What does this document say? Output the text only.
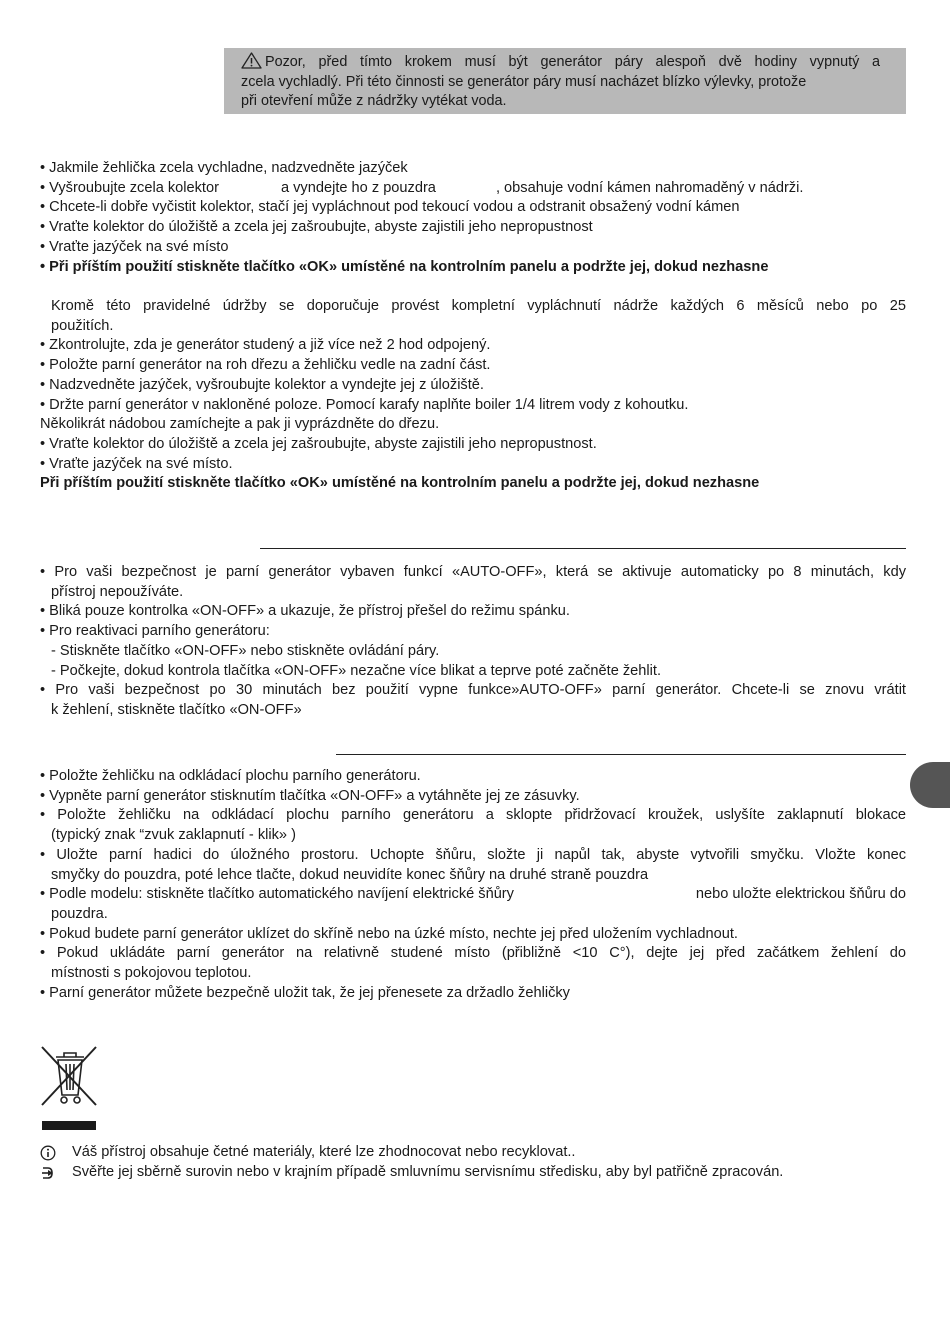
Pozor, před tímto krokem musí být generátor páry alespoň dvě hodiny vypnutý a
zcela vychladlý. Při této činnosti se generátor páry musí nacházet blízko výlevky, protože
při otevření může z nádržky vytékat voda.
• Jakmile žehlička zcela vychladne, nadzvedněte jazýček
• Vyšroubujte zcela kolektor	a vyndejte ho z pouzdra	, obsahuje vodní kámen nahromaděný v nádrži.
• Chcete-li dobře vyčistit kolektor, stačí jej vypláchnout pod tekoucí vodou a odstranit obsažený vodní kámen
• Vraťte kolektor do úložiště a zcela jej zašroubujte, abyste zajistili jeho nepropustnost
• Vraťte jazýček na své místo
• Při příštím použití stiskněte tlačítko «OK» umístěné na kontrolním panelu a podržte jej, dokud nezhasne
Kromě této pravidelné údržby se doporučuje provést kompletní vypláchnutí nádrže každých 6 měsíců nebo po 25
použitích.
• Zkontrolujte, zda je generátor studený a již více než 2 hod odpojený.
• Položte parní generátor na roh dřezu a žehličku vedle na zadní část.
• Nadzvedněte jazýček, vyšroubujte kolektor a vyndejte jej z úložiště.
• Držte parní generátor v nakloněné poloze. Pomocí karafy naplňte boiler 1/4 litrem vody z kohoutku.
Několikrát nádobou zamíchejte a pak ji vyprázdněte do dřezu.
• Vraťte kolektor do úložiště a zcela jej zašroubujte, abyste zajistili jeho nepropustnost.
• Vraťte jazýček na své místo.
Při příštím použití stiskněte tlačítko «OK» umístěné na kontrolním panelu a podržte jej, dokud nezhasne
• Pro vaši bezpečnost je parní generátor vybaven funkcí «AUTO-OFF», která se aktivuje automaticky po 8 minutách, kdy
přístroj nepoužíváte.
• Bliká pouze kontrolka «ON-OFF» a ukazuje, že přístroj přešel do režimu spánku.
• Pro reaktivaci parního generátoru:
- Stiskněte tlačítko «ON-OFF» nebo stiskněte ovládání páry.
- Počkejte, dokud kontrola tlačítka «ON-OFF» nezačne více blikat a teprve poté začněte žehlit.
• Pro vaši bezpečnost po 30 minutách bez použití vypne funkce»AUTO-OFF» parní generátor. Chcete-li se znovu vrátit
k žehlení, stiskněte tlačítko «ON-OFF»
• Položte žehličku na odkládací plochu parního generátoru.
• Vypněte parní generátor stisknutím tlačítka «ON-OFF» a vytáhněte jej ze zásuvky.
• Položte žehličku na odkládací plochu parního generátoru a sklopte přidržovací kroužek, uslyšíte zaklapnutí blokace
(typický znak “zvuk zaklapnutí - klik» )
• Uložte parní hadici do úložného prostoru. Uchopte šňůru, složte ji napůl tak, abyste vytvořili smyčku. Vložte konec
smyčky do pouzdra, poté lehce tlačte, dokud neuvidíte konec šňůry na druhé straně pouzdra
• Podle modelu: stiskněte tlačítko automatického navíjení elektrické šňůry	nebo uložte elektrickou šňůru do
pouzdra.
• Pokud budete parní generátor uklízet do skříně nebo na úzké místo, nechte jej před uložením vychladnout.
• Pokud ukládáte parní generátor na relativně studené místo (přibližně <10 C°), dejte jej před začátkem žehlení do
místnosti s pokojovou teplotou.
• Parní generátor můžete bezpečně uložit tak, že jej přenesete za držadlo žehličky
Váš přístroj obsahuje četné materiály, které lze zhodnocovat nebo recyklovat..
Svěřte jej sběrně surovin nebo v krajním případě smluvnímu servisnímu středisku, aby byl patřičně zpracován.
